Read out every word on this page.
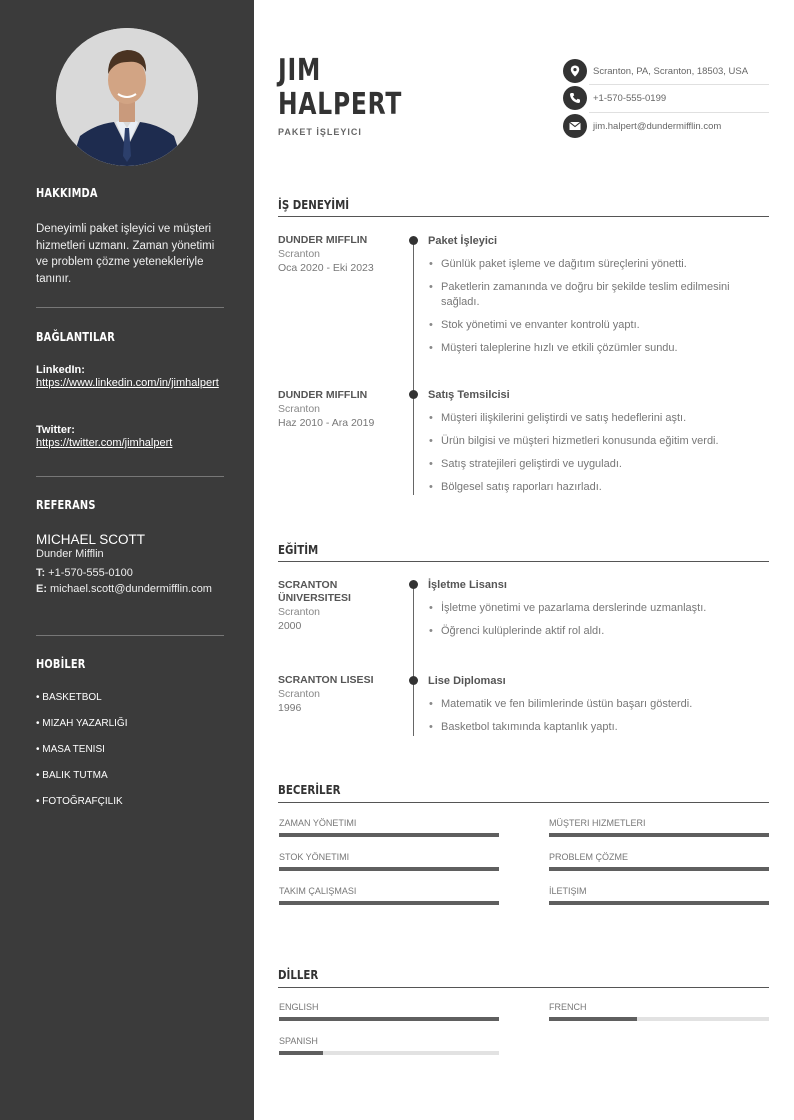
HAKKIMDA
Deneyimli paket işleyici ve müşteri hizmetleri uzmanı. Zaman yönetimi ve problem çözme yetenekleriyle tanınır.
BAĞLANTILAR
LinkedIn:
https://www.linkedin.com/in/jimhalpert
Twitter:
https://twitter.com/jimhalpert
REFERANS
MICHAEL SCOTT
Dunder Mifflin
T: +1-570-555-0100
E: michael.scott@dundermifflin.com
HOBİLER
• BASKETBOL
• MIZAH YAZARLIĞI
• MASA TENISI
• BALIK TUTMA
• FOTOĞRAFÇILIK
JIM
HALPERT
PAKET İŞLEYICI
Scranton, PA, Scranton, 18503, USA
+1-570-555-0199
jim.halpert@dundermifflin.com
İŞ DENEYİMİ
DUNDER MIFFLIN
Scranton
Oca 2020 - Eki 2023
Paket İşleyici
• Günlük paket işleme ve dağıtım süreçlerini yönetti.
• Paketlerin zamanında ve doğru bir şekilde teslim edilmesini sağladı.
• Stok yönetimi ve envanter kontrolü yaptı.
• Müşteri taleplerine hızlı ve etkili çözümler sundu.
DUNDER MIFFLIN
Scranton
Haz 2010 - Ara 2019
Satış Temsilcisi
• Müşteri ilişkilerini geliştirdi ve satış hedeflerini aştı.
• Ürün bilgisi ve müşteri hizmetleri konusunda eğitim verdi.
• Satış stratejileri geliştirdi ve uyguladı.
• Bölgesel satış raporları hazırladı.
EĞİTİM
SCRANTON ÜNIVERSITESI
Scranton
2000
İşletme Lisansı
• İşletme yönetimi ve pazarlama derslerinde uzmanlaştı.
• Öğrenci kulüplerinde aktif rol aldı.
SCRANTON LISESI
Scranton
1996
Lise Diploması
• Matematik ve fen bilimlerinde üstün başarı gösterdi.
• Basketbol takımında kaptanlık yaptı.
BECERİLER
ZAMAN YÖNETIMI	MÜŞTERI HIZMETLERI
STOK YÖNETIMI	PROBLEM ÇÖZME
TAKIM ÇALIŞMASI	İLETIŞIM
DİLLER
ENGLISH	FRENCH
SPANISH
